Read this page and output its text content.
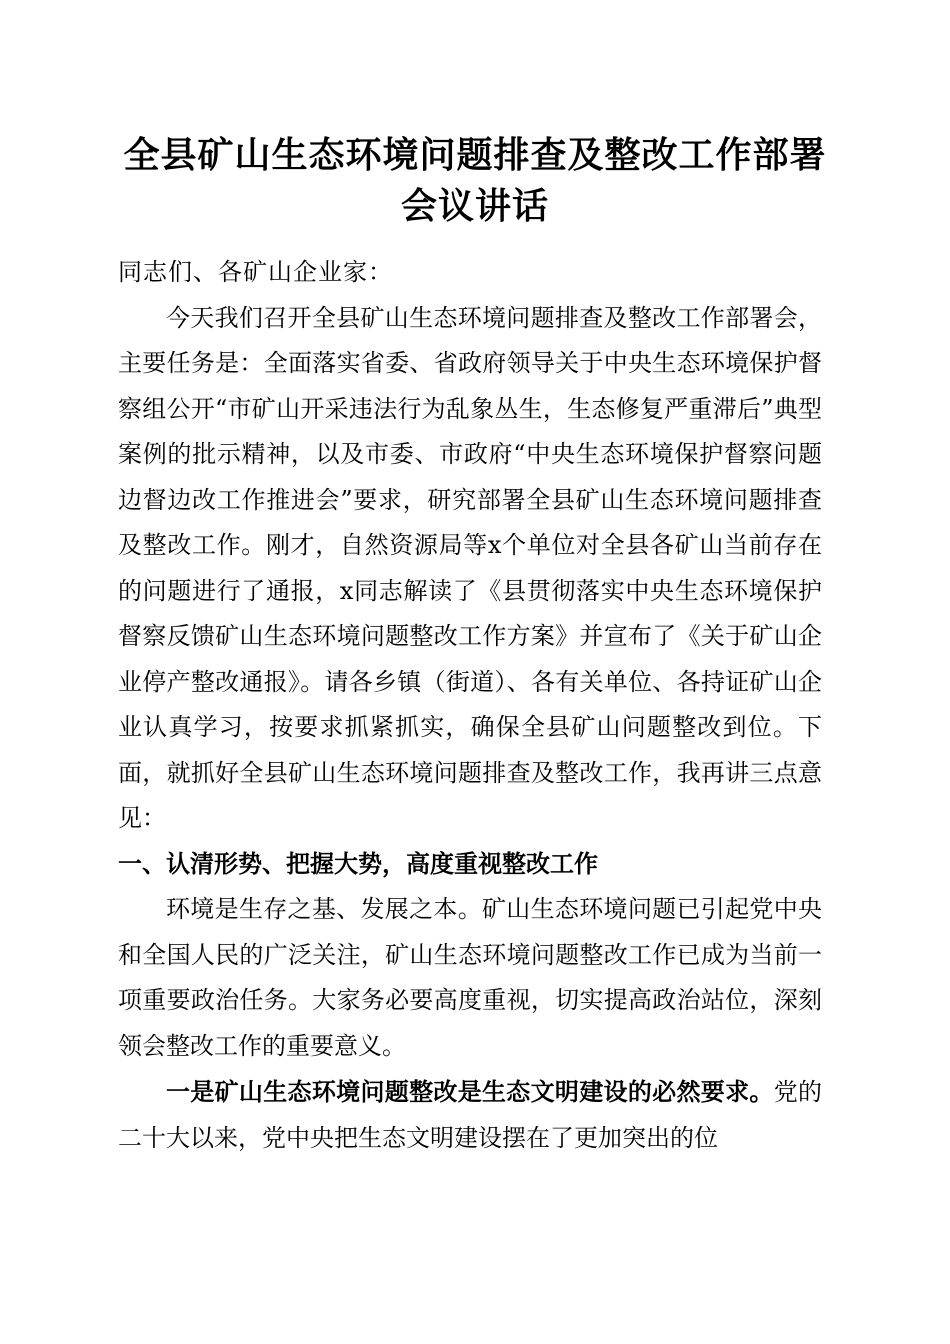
全县矿山生态环境问题排查及整改工作部署会议讲话

同志们、各矿山企业家：

今天我们召开全县矿山生态环境问题排查及整改工作部署会，主要任务是：全面落实省委、省政府领导关于中央生态环境保护督察组公开“市矿山开采违法行为乱象丛生，生态修复严重滞后”典型案例的批示精神，以及市委、市政府“中央生态环境保护督察问题边督边改工作推进会”要求，研究部署全县矿山生态环境问题排查及整改工作。刚才，自然资源局等x个单位对全县各矿山当前存在的问题进行了通报，x同志解读了《县贯彻落实中央生态环境保护督察反馈矿山生态环境问题整改工作方案》并宣布了《关于矿山企业停产整改通报》。请各乡镇（街道）、各有关单位、各持证矿山企业认真学习，按要求抓紧抓实，确保全县矿山问题整改到位。下面，就抓好全县矿山生态环境问题排查及整改工作，我再讲三点意见：

一、认清形势、把握大势，高度重视整改工作

环境是生存之基、发展之本。矿山生态环境问题已引起党中央和全国人民的广泛关注，矿山生态环境问题整改工作已成为当前一项重要政治任务。大家务必要高度重视，切实提高政治站位，深刻领会整改工作的重要意义。

一是矿山生态环境问题整改是生态文明建设的必然要求。党的二十大以来，党中央把生态文明建设摆在了更加突出的位
